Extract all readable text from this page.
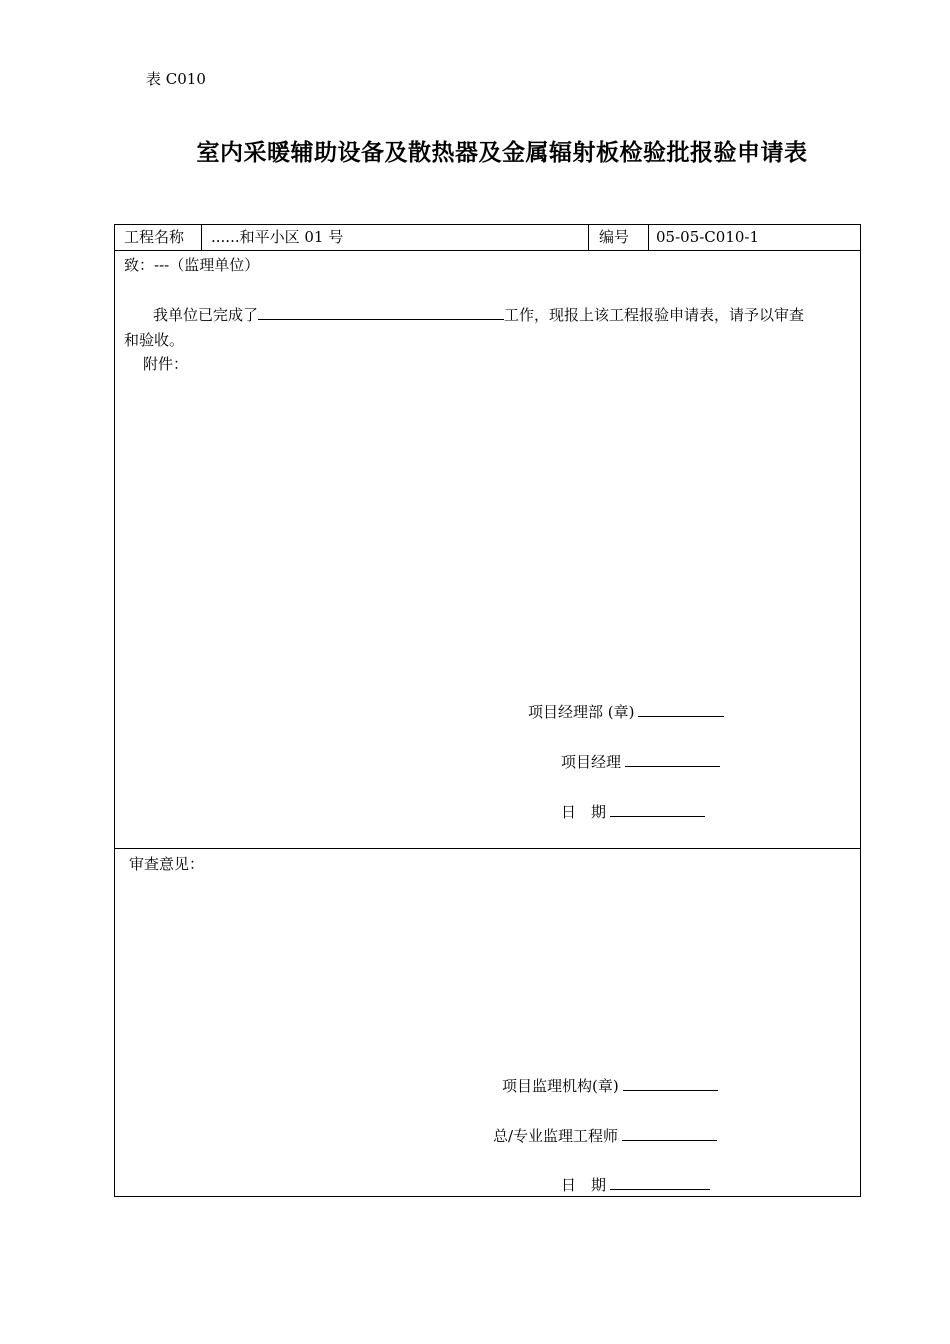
表 C010
室内采暖辅助设备及散热器及金属辐射板检验批报验申请表
工程名称	......和平小区 01 号	编号	05-05-C010-1
致：---（监理单位）
我单位已完成了	工作，现报上该工程报验申请表，请予以审查
和验收。
附件：
项目经理部 (章)
项目经理
日　期
审查意见：
项目监理机构(章)
总/专业监理工程师
日　期
